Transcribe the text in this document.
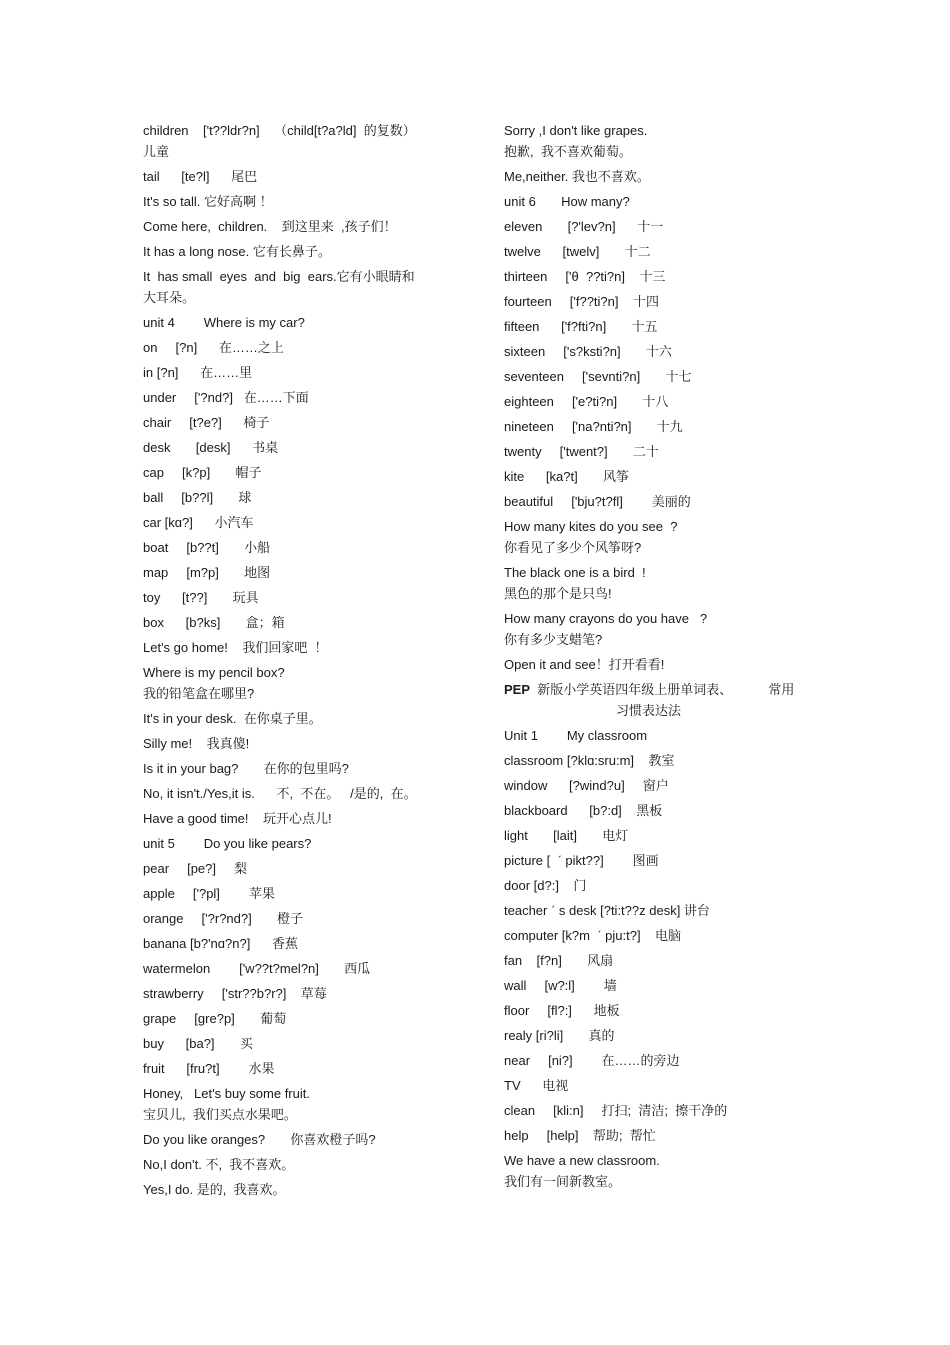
children    ['t??ldr?n]    （child[t?a?ld]  的复数）
儿童
tail      [te?l]      尾巴
It's so tall. 它好高啊 ！
Come here,  children.    到这里来  ,孩子们！
It has a long nose. 它有长鼻子。
It  has small  eyes  and  big  ears.它有小眼睛和
大耳朵。
unit 4        Where is my car?
on     [?n]      在……之上
in [?n]      在……里
under     ['?nd?]   在……下面
chair     [t?e?]      椅子
desk       [desk]      书桌
cap     [k?p]       帽子
ball     [b??l]       球
car [kɑ?]      小汽车
boat     [b??t]       小船
map     [m?p]       地图
toy      [t??]       玩具
box      [b?ks]       盒；箱
Let's go home!    我们回家吧  ！
Where is my pencil box?
我的铅笔盒在哪里?
It's in your desk.  在你桌子里。
Silly me!    我真傻!
Is it in your bag?       在你的包里吗?
No, it isn't./Yes,it is.      不,  不在。   /是的,  在。
Have a good time!    玩开心点儿!
unit 5        Do you like pears?
pear     [pe?]     梨
apple     ['?pl]        苹果
orange     ['?r?nd?]       橙子
banana [b?'nɑ?n?]      香蕉
watermelon        ['w??t?mel?n]       西瓜
strawberry     ['str??b?r?]    草莓
grape     [gre?p]       葡萄
buy      [ba?]       买
fruit      [fru?t]        水果
Honey,   Let's buy some fruit.
宝贝儿,  我们买点水果吧。
Do you like oranges?       你喜欢橙子吗?
No,I don't. 不,  我不喜欢。
Yes,I do. 是的,  我喜欢。
Sorry ,I don't like grapes.
抱歉,  我不喜欢葡萄。
Me,neither. 我也不喜欢。
unit 6       How many?
eleven       [?'lev?n]      十一
twelve      [twelv]       十二
thirteen     ['θ  ??ti?n]    十三
fourteen     ['f??ti?n]    十四
fifteen      ['f?fti?n]       十五
sixteen     ['s?ksti?n]       十六
seventeen     ['sevnti?n]       十七
eighteen     ['e?ti?n]       十八
nineteen     ['na?nti?n]       十九
twenty     ['twent?]       二十
kite      [ka?t]       风筝
beautiful     ['bju?t?fl]        美丽的
How many kites do you see  ?
你看见了多少个风筝呀?
The black one is a bird  !
黑色的那个是只鸟!
How many crayons do you have   ?
你有多少支蜡笔?
Open it and see！打开看看!
PEP  新版小学英语四年级上册单词表、          常用
习惯表达法
Unit 1        My classroom
classroom [?klɑ:sru:m]    教室
window      [?wind?u]     窗户
blackboard      [b?:d]    黑板
light       [lait]       电灯
picture [  ˊ pikt??]        图画
door [d?:]    门
teacher ˊ s desk [?ti:t??z desk] 讲台
computer [k?m  ˊ pju:t?]    电脑
fan    [f?n]       风扇
wall     [w?:l]        墙
floor     [fl?:]      地板
realy [ri?li]       真的
near     [ni?]        在……的旁边
TV      电视
clean     [kli:n]     打扫;  清洁;  擦干净的
help     [help]    帮助;  帮忙
We have a new classroom.
我们有一间新教室。
